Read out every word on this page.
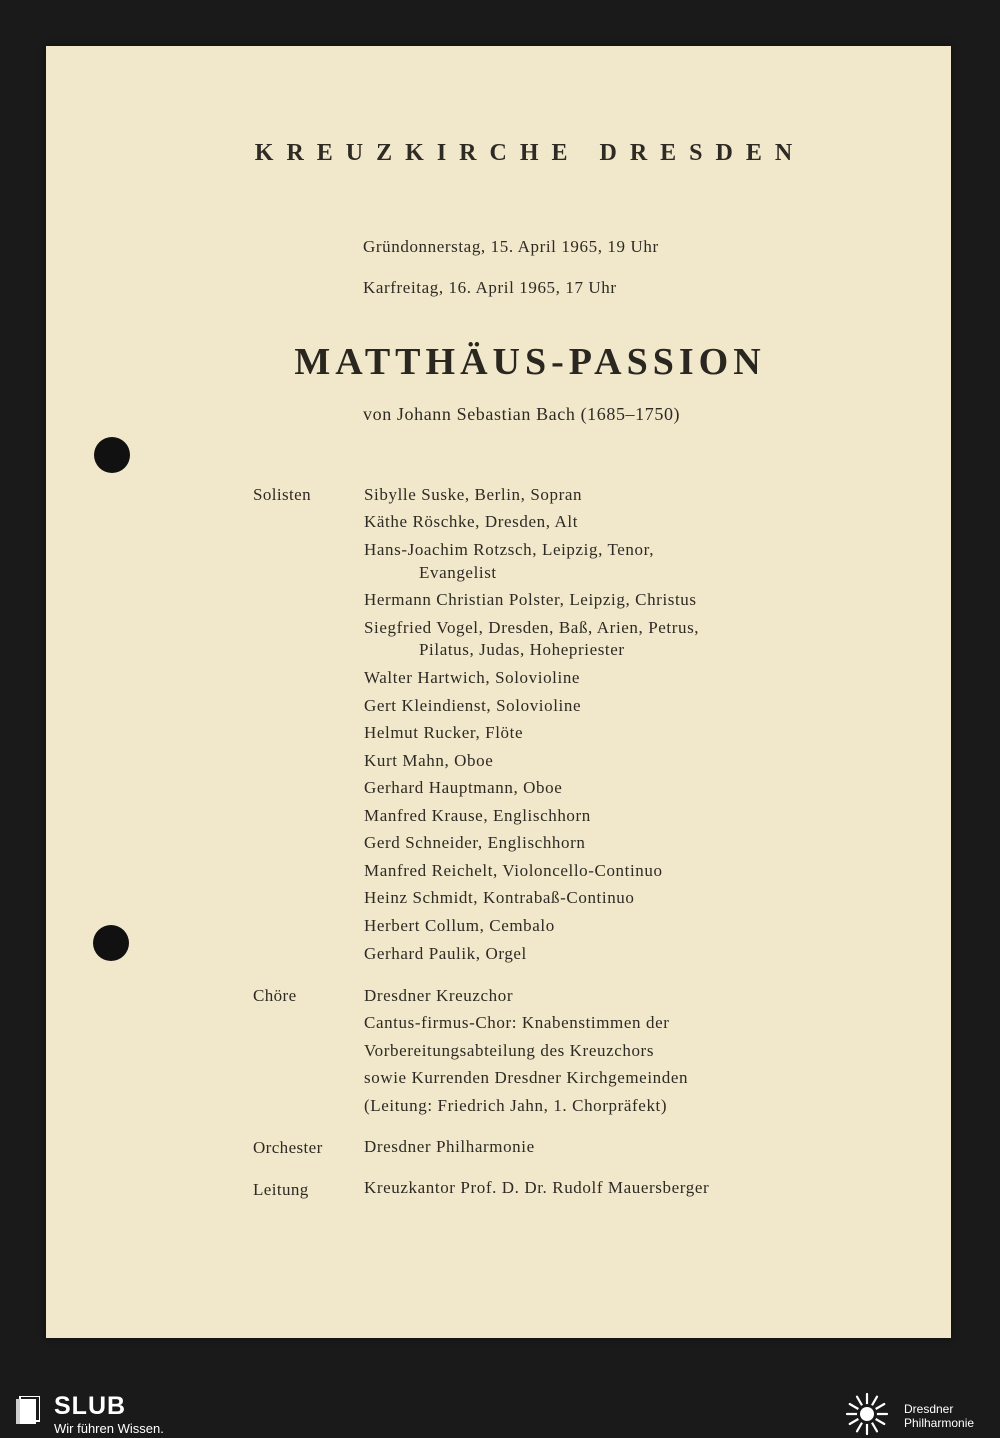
KREUZKIRCHE DRESDEN
Gründonnerstag, 15. April 1965, 19 Uhr
Karfreitag, 16. April 1965, 17 Uhr
MATTHÄUS-PASSION
von Johann Sebastian Bach (1685–1750)
Solisten	Sibylle Suske, Berlin, Sopran
Käthe Röschke, Dresden, Alt
Hans-Joachim Rotzsch, Leipzig, Tenor,
Evangelist
Hermann Christian Polster, Leipzig, Christus
Siegfried Vogel, Dresden, Baß, Arien, Petrus,
Pilatus, Judas, Hohepriester
Walter Hartwich, Solovioline
Gert Kleindienst, Solovioline
Helmut Rucker, Flöte
Kurt Mahn, Oboe
Gerhard Hauptmann, Oboe
Manfred Krause, Englischhorn
Gerd Schneider, Englischhorn
Manfred Reichelt, Violoncello-Continuo
Heinz Schmidt, Kontrabaß-Continuo
Herbert Collum, Cembalo
Gerhard Paulik, Orgel
Chöre	Dresdner Kreuzchor
Cantus-firmus-Chor: Knabenstimmen der
Vorbereitungsabteilung des Kreuzchors
sowie Kurrenden Dresdner Kirchgemeinden
(Leitung: Friedrich Jahn, 1. Chorpräfekt)
Orchester Dresdner Philharmonie
Leitung	Kreuzkantor Prof. D. Dr. Rudolf Mauersberger
SLUB
Wir führen Wissen.
Dresdner
Philharmonie
